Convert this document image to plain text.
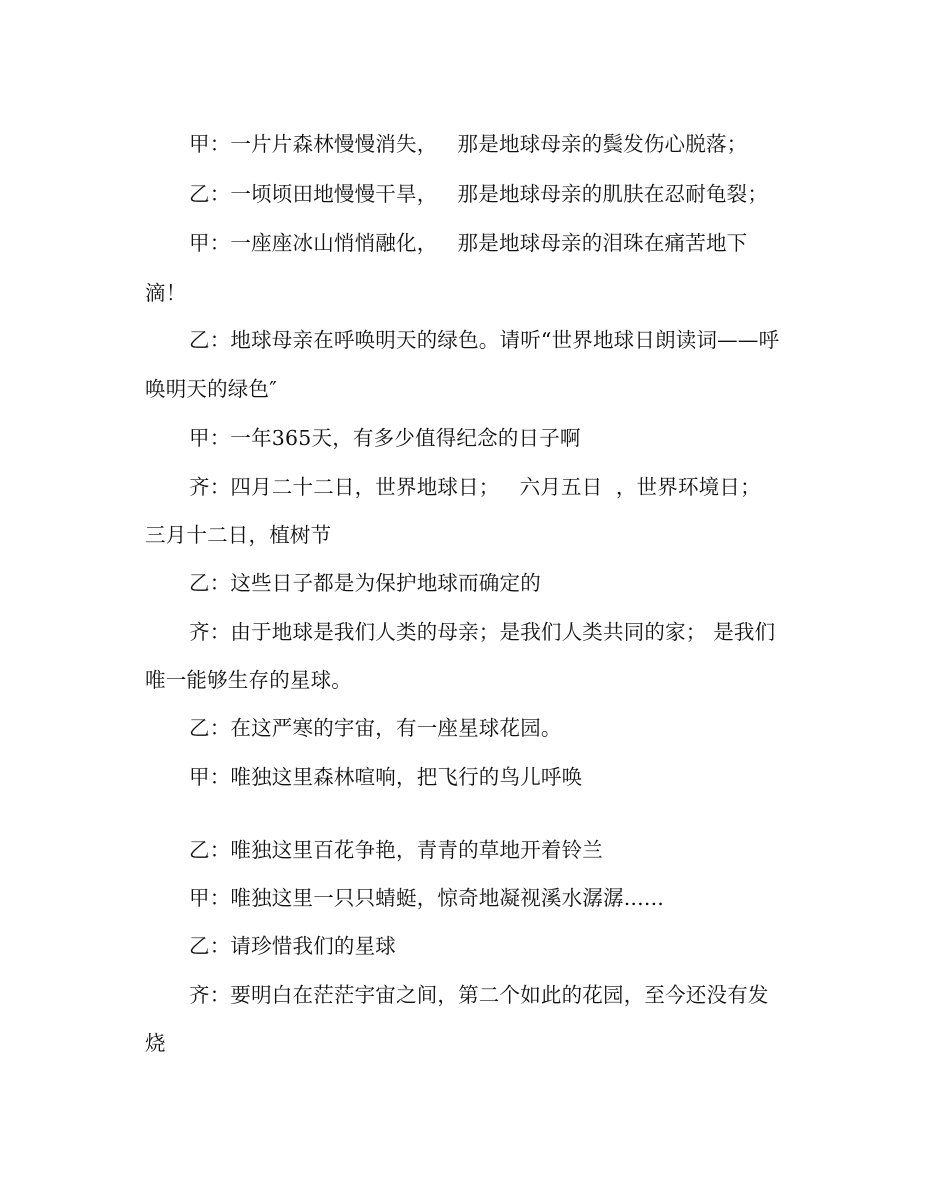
甲：一片片森林慢慢消失，   那是地球母亲的鬓发伤心脱落；
乙：一顷顷田地慢慢干旱，   那是地球母亲的肌肤在忍耐龟裂；
甲：一座座冰山悄悄融化，   那是地球母亲的泪珠在痛苦地下
滴！
乙：地球母亲在呼唤明天的绿色。请听“世界地球日朗读词——呼
唤明天的绿色″
甲：一年365天，有多少值得纪念的日子啊
齐：四月二十二日，世界地球日；   六月五日  ，世界环境日；
三月十二日，植树节
乙：这些日子都是为保护地球而确定的
齐：由于地球是我们人类的母亲；是我们人类共同的家； 是我们
唯一能够生存的星球。
乙：在这严寒的宇宙，有一座星球花园。
甲：唯独这里森林喧响，把飞行的鸟儿呼唤
乙：唯独这里百花争艳，青青的草地开着铃兰
甲：唯独这里一只只蜻蜓，惊奇地凝视溪水潺潺......
乙：请珍惜我们的星球
齐：要明白在茫茫宇宙之间，第二个如此的花园，至今还没有发
烧
